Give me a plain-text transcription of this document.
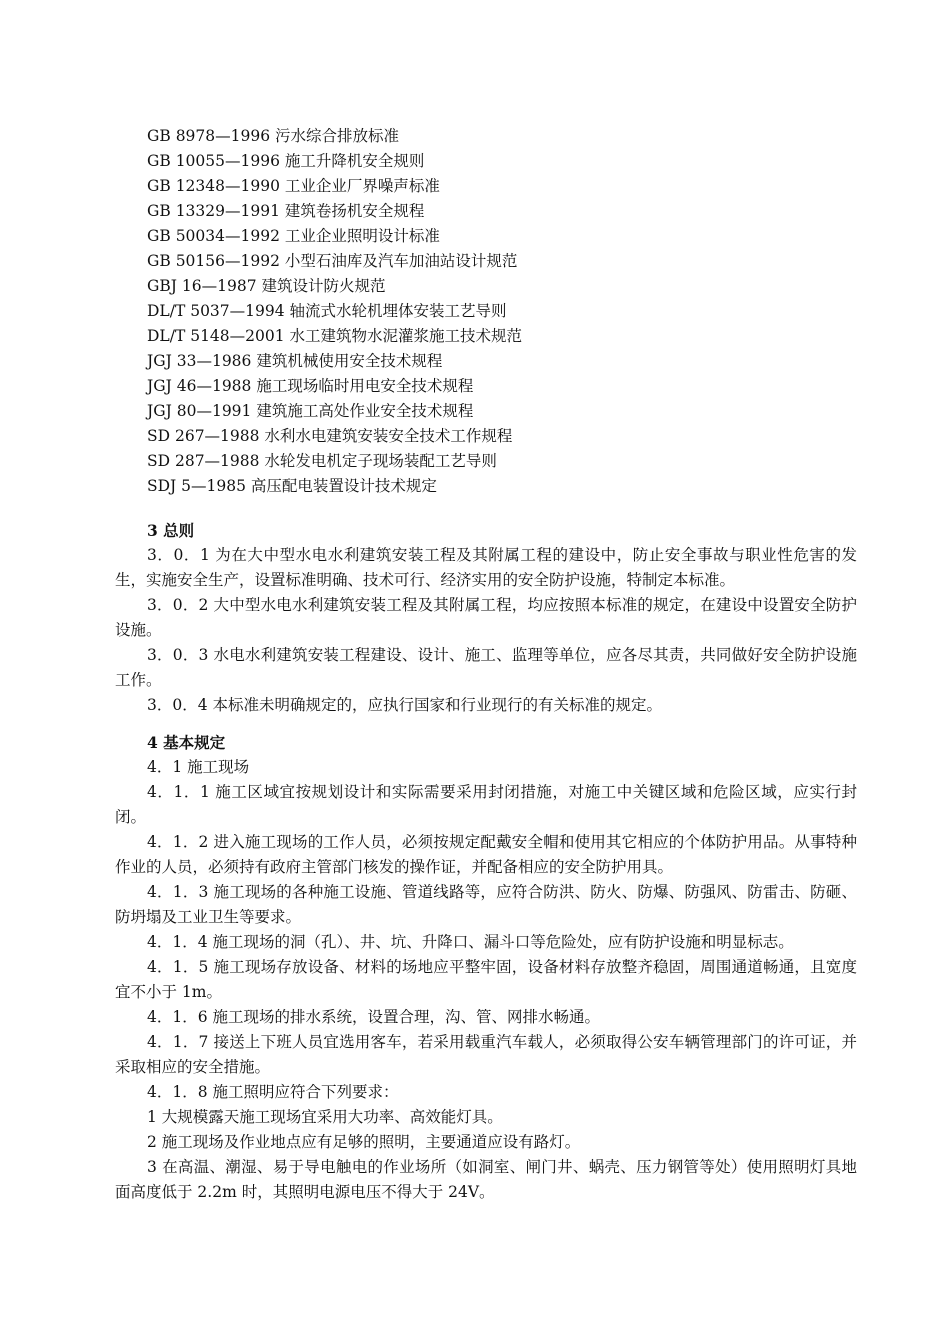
GB 8978—1996 污水综合排放标准
GB 10055—1996 施工升降机安全规则
GB 12348—1990 工业企业厂界噪声标准
GB 13329—1991 建筑卷扬机安全规程
GB 50034—1992 工业企业照明设计标准
GB 50156—1992 小型石油库及汽车加油站设计规范
GBJ 16—1987 建筑设计防火规范
DL/T 5037—1994 轴流式水轮机埋体安装工艺导则
DL/T 5148—2001 水工建筑物水泥灌浆施工技术规范
JGJ 33—1986 建筑机械使用安全技术规程
JGJ 46—1988 施工现场临时用电安全技术规程
JGJ 80—1991 建筑施工高处作业安全技术规程
SD 267—1988 水利水电建筑安装安全技术工作规程
SD 287—1988 水轮发电机定子现场装配工艺导则
SDJ 5—1985 高压配电装置设计技术规定
3 总则
3．0．1 为在大中型水电水利建筑安装工程及其附属工程的建设中，防止安全事故与职业性危害的发生，实施安全生产，设置标准明确、技术可行、经济实用的安全防护设施，特制定本标准。
3．0．2 大中型水电水利建筑安装工程及其附属工程，均应按照本标准的规定，在建设中设置安全防护设施。
3．0．3 水电水利建筑安装工程建设、设计、施工、监理等单位，应各尽其责，共同做好安全防护设施工作。
3．0．4 本标准未明确规定的，应执行国家和行业现行的有关标准的规定。
4 基本规定
4．1 施工现场
4．1．1 施工区域宜按规划设计和实际需要采用封闭措施，对施工中关键区域和危险区域，应实行封闭。
4．1．2 进入施工现场的工作人员，必须按规定配戴安全帽和使用其它相应的个体防护用品。从事特种作业的人员，必须持有政府主管部门核发的操作证，并配备相应的安全防护用具。
4．1．3 施工现场的各种施工设施、管道线路等，应符合防洪、防火、防爆、防强风、防雷击、防砸、防坍塌及工业卫生等要求。
4．1．4 施工现场的洞（孔）、井、坑、升降口、漏斗口等危险处，应有防护设施和明显标志。
4．1．5 施工现场存放设备、材料的场地应平整牢固，设备材料存放整齐稳固，周围通道畅通，且宽度宜不小于 1m。
4．1．6 施工现场的排水系统，设置合理，沟、管、网排水畅通。
4．1．7 接送上下班人员宜选用客车，若采用载重汽车载人，必须取得公安车辆管理部门的许可证，并采取相应的安全措施。
4．1．8 施工照明应符合下列要求：
1 大规模露天施工现场宜采用大功率、高效能灯具。
2 施工现场及作业地点应有足够的照明，主要通道应设有路灯。
3 在高温、潮湿、易于导电触电的作业场所（如洞室、闸门井、蜗壳、压力钢管等处）使用照明灯具地面高度低于 2.2m 时，其照明电源电压不得大于 24V。
